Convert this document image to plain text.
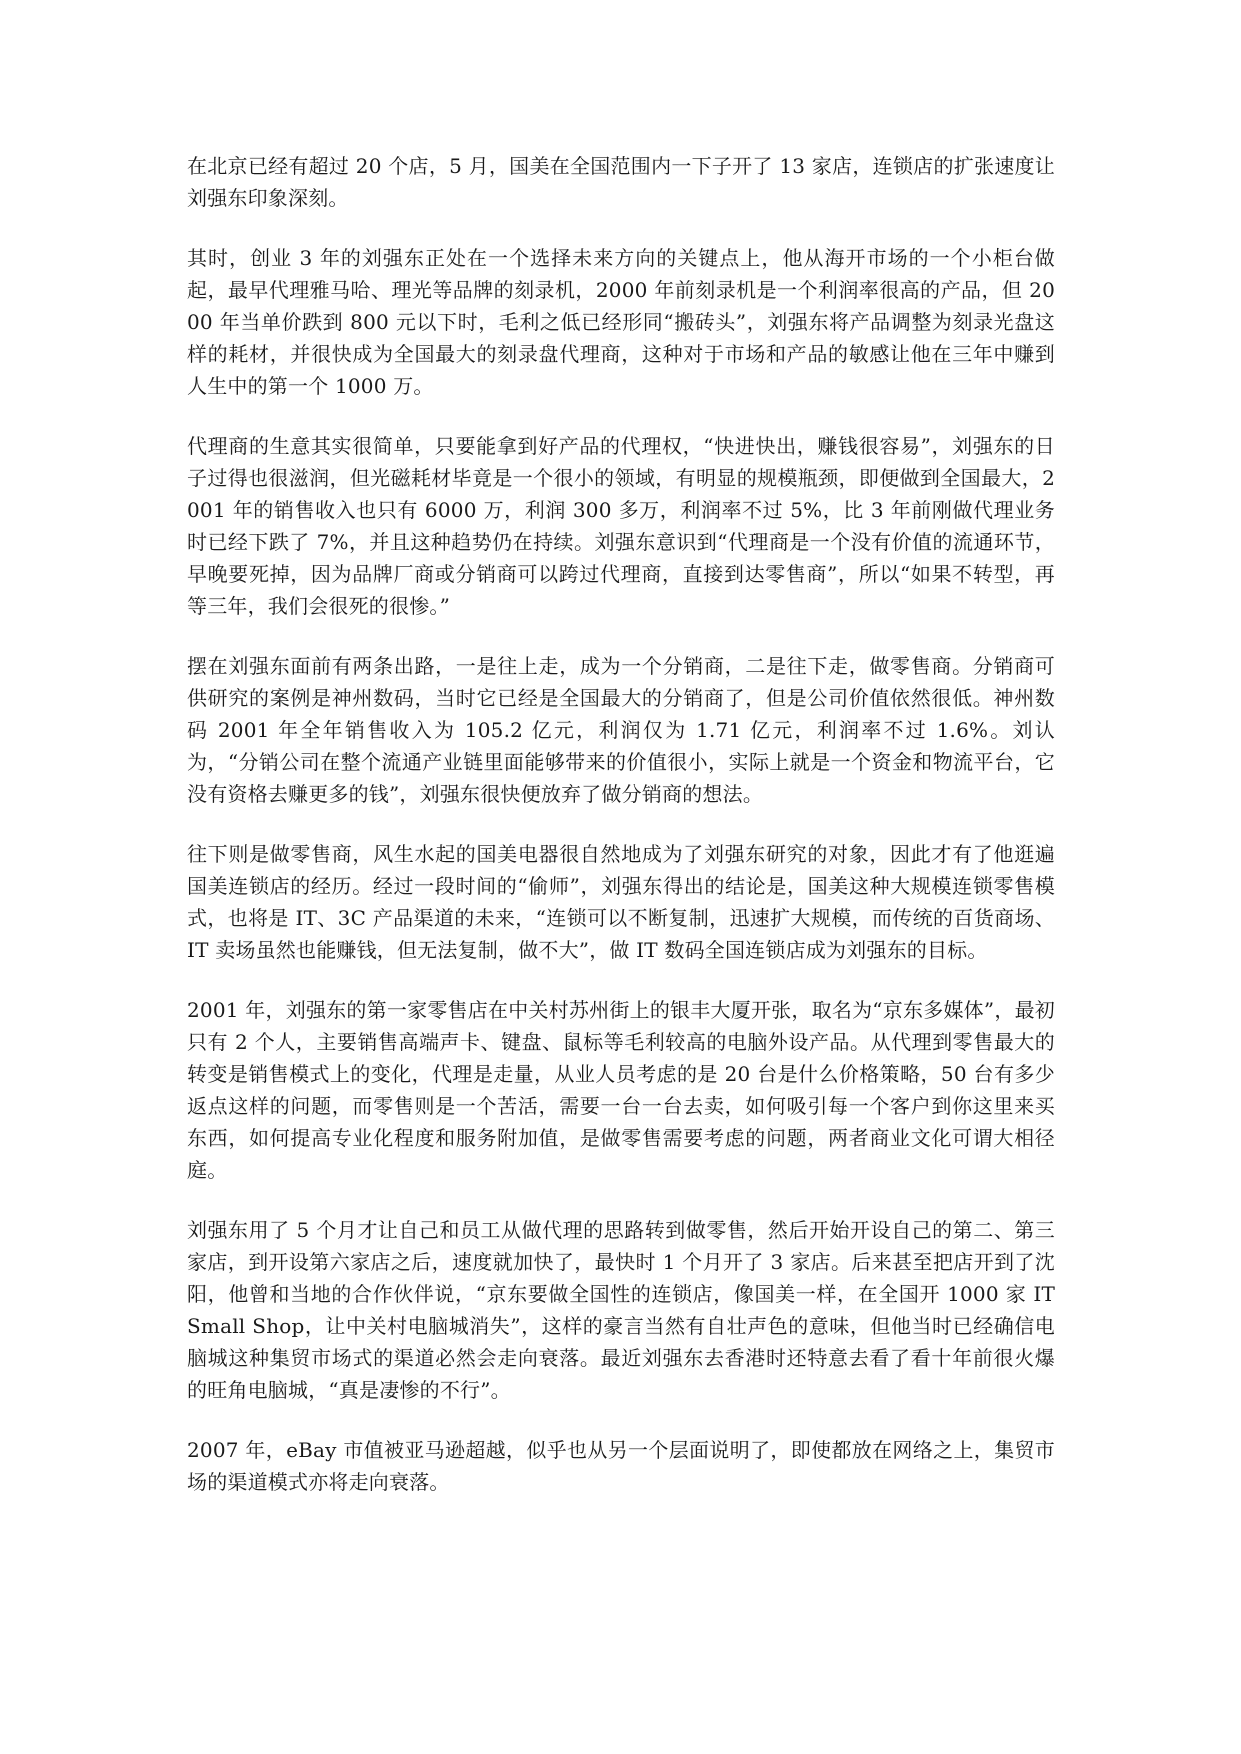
在北京已经有超过 20 个店，5 月，国美在全国范围内一下子开了 13 家店，连锁店的扩张速度让刘强东印象深刻。

其时，创业 3 年的刘强东正处在一个选择未来方向的关键点上，他从海开市场的一个小柜台做起，最早代理雅马哈、理光等品牌的刻录机，2000 年前刻录机是一个利润率很高的产品，但 2000 年当单价跌到 800 元以下时，毛利之低已经形同“搬砖头”，刘强东将产品调整为刻录光盘这样的耗材，并很快成为全国最大的刻录盘代理商，这种对于市场和产品的敏感让他在三年中赚到人生中的第一个 1000 万。

代理商的生意其实很简单，只要能拿到好产品的代理权，“快进快出，赚钱很容易”，刘强东的日子过得也很滋润，但光磁耗材毕竟是一个很小的领域，有明显的规模瓶颈，即便做到全国最大，2001 年的销售收入也只有 6000 万，利润 300 多万，利润率不过 5%，比 3 年前刚做代理业务时已经下跌了 7%，并且这种趋势仍在持续。刘强东意识到“代理商是一个没有价值的流通环节，早晚要死掉，因为品牌厂商或分销商可以跨过代理商，直接到达零售商”，所以“如果不转型，再等三年，我们会很死的很惨。”

摆在刘强东面前有两条出路，一是往上走，成为一个分销商，二是往下走，做零售商。分销商可供研究的案例是神州数码，当时它已经是全国最大的分销商了，但是公司价值依然很低。神州数码 2001 年全年销售收入为 105.2 亿元，利润仅为 1.71 亿元，利润率不过 1.6%。刘认为，“分销公司在整个流通产业链里面能够带来的价值很小，实际上就是一个资金和物流平台，它没有资格去赚更多的钱”，刘强东很快便放弃了做分销商的想法。

往下则是做零售商，风生水起的国美电器很自然地成为了刘强东研究的对象，因此才有了他逛遍国美连锁店的经历。经过一段时间的“偷师”，刘强东得出的结论是，国美这种大规模连锁零售模式，也将是 IT、3C 产品渠道的未来，“连锁可以不断复制，迅速扩大规模，而传统的百货商场、IT 卖场虽然也能赚钱，但无法复制，做不大”，做 IT 数码全国连锁店成为刘强东的目标。

2001 年，刘强东的第一家零售店在中关村苏州街上的银丰大厦开张，取名为“京东多媒体”，最初只有 2 个人，主要销售高端声卡、键盘、鼠标等毛利较高的电脑外设产品。从代理到零售最大的转变是销售模式上的变化，代理是走量，从业人员考虑的是 20 台是什么价格策略，50 台有多少返点这样的问题，而零售则是一个苦活，需要一台一台去卖，如何吸引每一个客户到你这里来买东西，如何提高专业化程度和服务附加值，是做零售需要考虑的问题，两者商业文化可谓大相径庭。

刘强东用了 5 个月才让自己和员工从做代理的思路转到做零售，然后开始开设自己的第二、第三家店，到开设第六家店之后，速度就加快了，最快时 1 个月开了 3 家店。后来甚至把店开到了沈阳，他曾和当地的合作伙伴说，“京东要做全国性的连锁店，像国美一样，在全国开 1000 家 IT Small Shop，让中关村电脑城消失”，这样的豪言当然有自壮声色的意味，但他当时已经确信电脑城这种集贸市场式的渠道必然会走向衰落。最近刘强东去香港时还特意去看了看十年前很火爆的旺角电脑城，“真是凄惨的不行”。

2007 年，eBay 市值被亚马逊超越，似乎也从另一个层面说明了，即使都放在网络之上，集贸市场的渠道模式亦将走向衰落。
